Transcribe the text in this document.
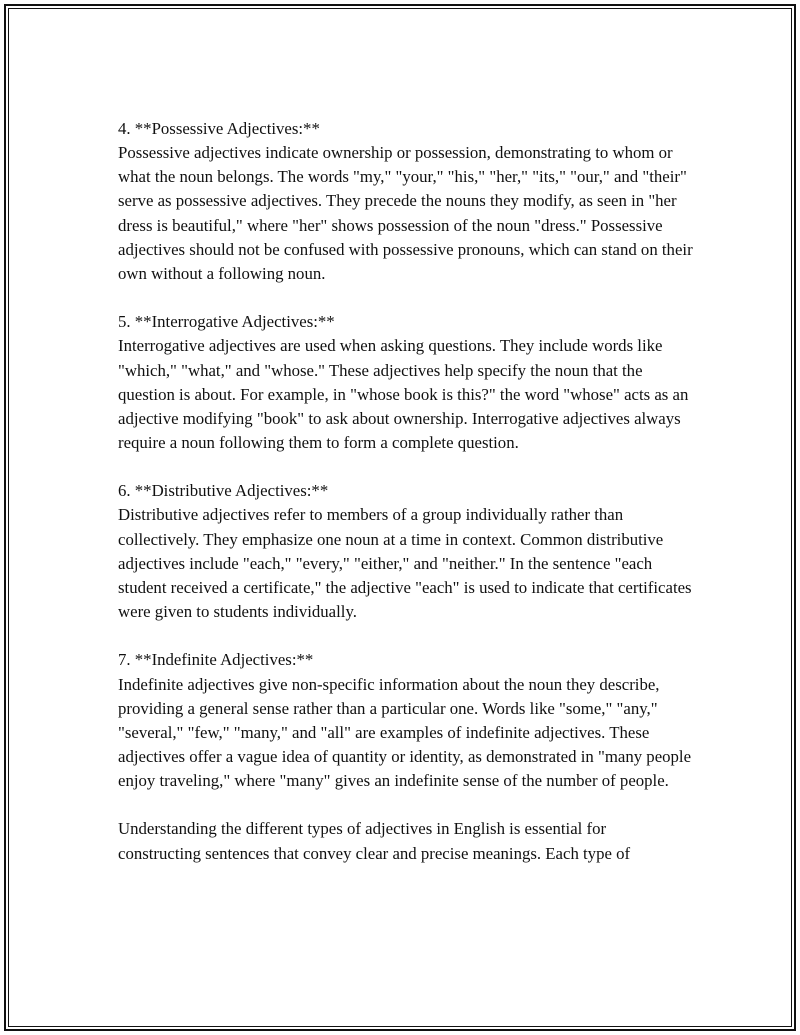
4. **Possessive Adjectives:**
Possessive adjectives indicate ownership or possession, demonstrating to whom or what the noun belongs. The words "my," "your," "his," "her," "its," "our," and "their" serve as possessive adjectives. They precede the nouns they modify, as seen in "her dress is beautiful," where "her" shows possession of the noun "dress." Possessive adjectives should not be confused with possessive pronouns, which can stand on their own without a following noun.

5. **Interrogative Adjectives:**
Interrogative adjectives are used when asking questions. They include words like "which," "what," and "whose." These adjectives help specify the noun that the question is about. For example, in "whose book is this?" the word "whose" acts as an adjective modifying "book" to ask about ownership. Interrogative adjectives always require a noun following them to form a complete question.

6. **Distributive Adjectives:**
Distributive adjectives refer to members of a group individually rather than collectively. They emphasize one noun at a time in context. Common distributive adjectives include "each," "every," "either," and "neither." In the sentence "each student received a certificate," the adjective "each" is used to indicate that certificates were given to students individually.

7. **Indefinite Adjectives:**
Indefinite adjectives give non-specific information about the noun they describe, providing a general sense rather than a particular one. Words like "some," "any," "several," "few," "many," and "all" are examples of indefinite adjectives. These adjectives offer a vague idea of quantity or identity, as demonstrated in "many people enjoy traveling," where "many" gives an indefinite sense of the number of people.

Understanding the different types of adjectives in English is essential for constructing sentences that convey clear and precise meanings. Each type of
